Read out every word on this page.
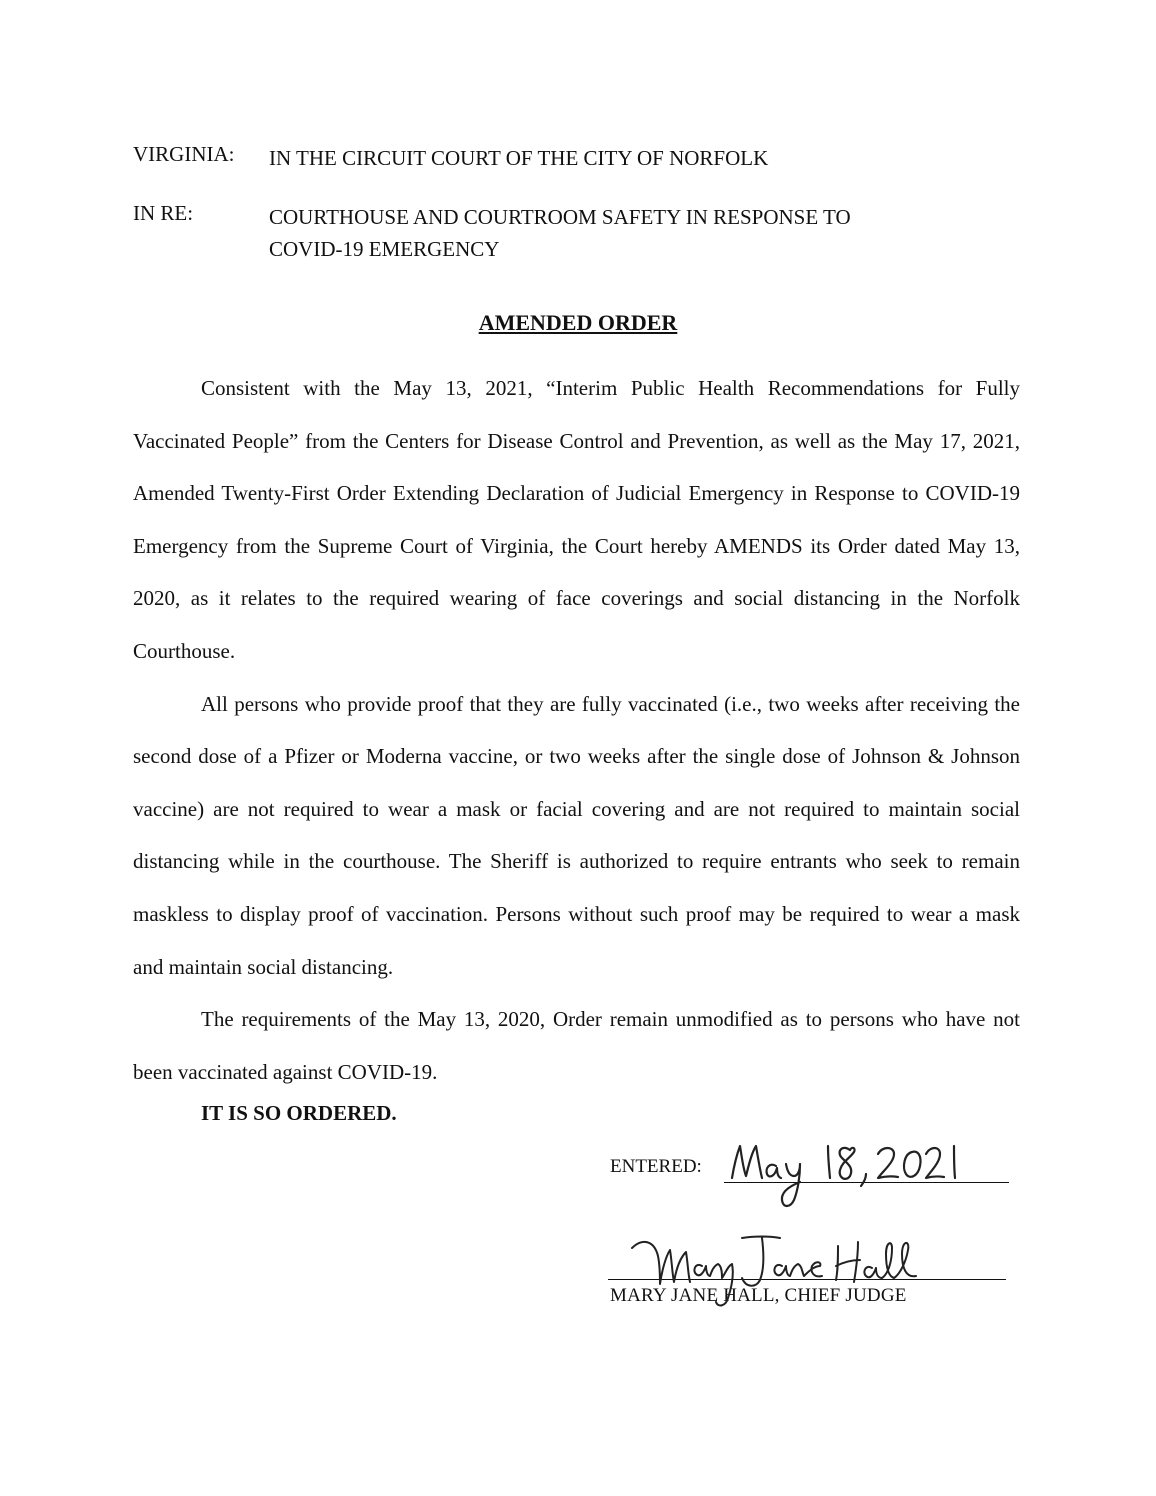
VIRGINIA: IN THE CIRCUIT COURT OF THE CITY OF NORFOLK
IN RE:	COURTHOUSE AND COURTROOM SAFETY IN RESPONSE TO
COVID-19 EMERGENCY
AMENDED ORDER

Consistent with the May 13, 2021, “Interim Public Health Recommendations for Fully Vaccinated People” from the Centers for Disease Control and Prevention, as well as the May 17, 2021, Amended Twenty-First Order Extending Declaration of Judicial Emergency in Response to COVID-19 Emergency from the Supreme Court of Virginia, the Court hereby AMENDS its Order dated May 13, 2020, as it relates to the required wearing of face coverings and social distancing in the Norfolk Courthouse.

All persons who provide proof that they are fully vaccinated (i.e., two weeks after receiving the second dose of a Pfizer or Moderna vaccine, or two weeks after the single dose of Johnson & Johnson vaccine) are not required to wear a mask or facial covering and are not required to maintain social distancing while in the courthouse. The Sheriff is authorized to require entrants who seek to remain maskless to display proof of vaccination. Persons without such proof may be required to wear a mask and maintain social distancing.

The requirements of the May 13, 2020, Order remain unmodified as to persons who have not been vaccinated against COVID-19.

IT IS SO ORDERED.
ENTERED:
MARY JANE HALL, CHIEF JUDGE
